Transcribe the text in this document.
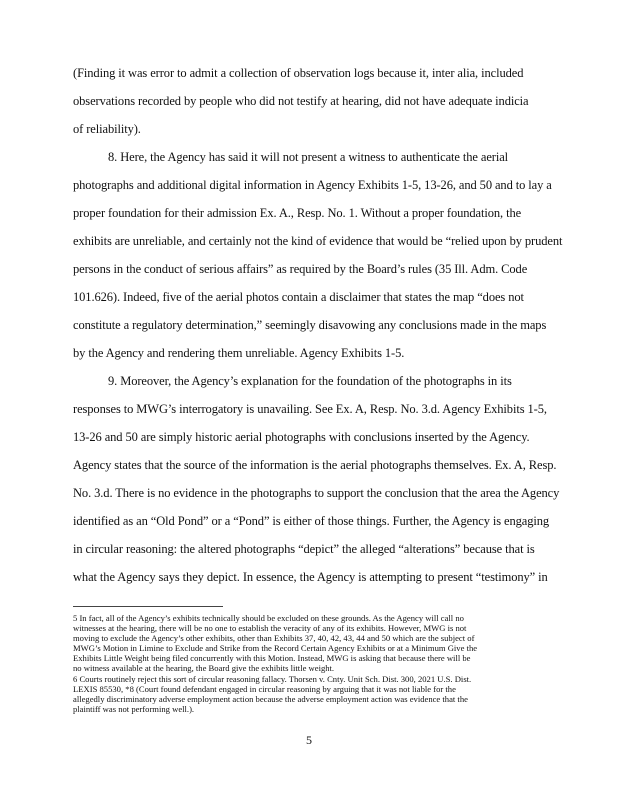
(Finding it was error to admit a collection of observation logs because it, inter alia, included
observations recorded by people who did not testify at hearing, did not have adequate indicia
of reliability).
8. Here, the Agency has said it will not present a witness to authenticate the aerial
photographs and additional digital information in Agency Exhibits 1-5, 13-26, and 50 and to lay a
proper foundation for their admission Ex. A., Resp. No. 1. Without a proper foundation, the
exhibits are unreliable, and certainly not the kind of evidence that would be “relied upon by prudent
persons in the conduct of serious affairs” as required by the Board’s rules (35 Ill. Adm. Code
101.626). Indeed, five of the aerial photos contain a disclaimer that states the map “does not
constitute a regulatory determination,” seemingly disavowing any conclusions made in the maps
by the Agency and rendering them unreliable. Agency Exhibits 1-5.
9. Moreover, the Agency’s explanation for the foundation of the photographs in its
responses to MWG’s interrogatory is unavailing. See Ex. A, Resp. No. 3.d. Agency Exhibits 1-5,
13-26 and 50 are simply historic aerial photographs with conclusions inserted by the Agency.
Agency states that the source of the information is the aerial photographs themselves. Ex. A, Resp.
No. 3.d. There is no evidence in the photographs to support the conclusion that the area the Agency
identified as an “Old Pond” or a “Pond” is either of those things. Further, the Agency is engaging
in circular reasoning: the altered photographs “depict” the alleged “alterations” because that is
what the Agency says they depict. In essence, the Agency is attempting to present “testimony” in
5 In fact, all of the Agency’s exhibits technically should be excluded on these grounds. As the Agency will call no
witnesses at the hearing, there will be no one to establish the veracity of any of its exhibits. However, MWG is not
moving to exclude the Agency’s other exhibits, other than Exhibits 37, 40, 42, 43, 44 and 50 which are the subject of
MWG’s Motion in Limine to Exclude and Strike from the Record Certain Agency Exhibits or at a Minimum Give the
Exhibits Little Weight being filed concurrently with this Motion. Instead, MWG is asking that because there will be
no witness available at the hearing, the Board give the exhibits little weight.
6 Courts routinely reject this sort of circular reasoning fallacy. Thorsen v. Cnty. Unit Sch. Dist. 300, 2021 U.S. Dist.
LEXIS 85530, *8 (Court found defendant engaged in circular reasoning by arguing that it was not liable for the
allegedly discriminatory adverse employment action because the adverse employment action was evidence that the
plaintiff was not performing well.).
5
